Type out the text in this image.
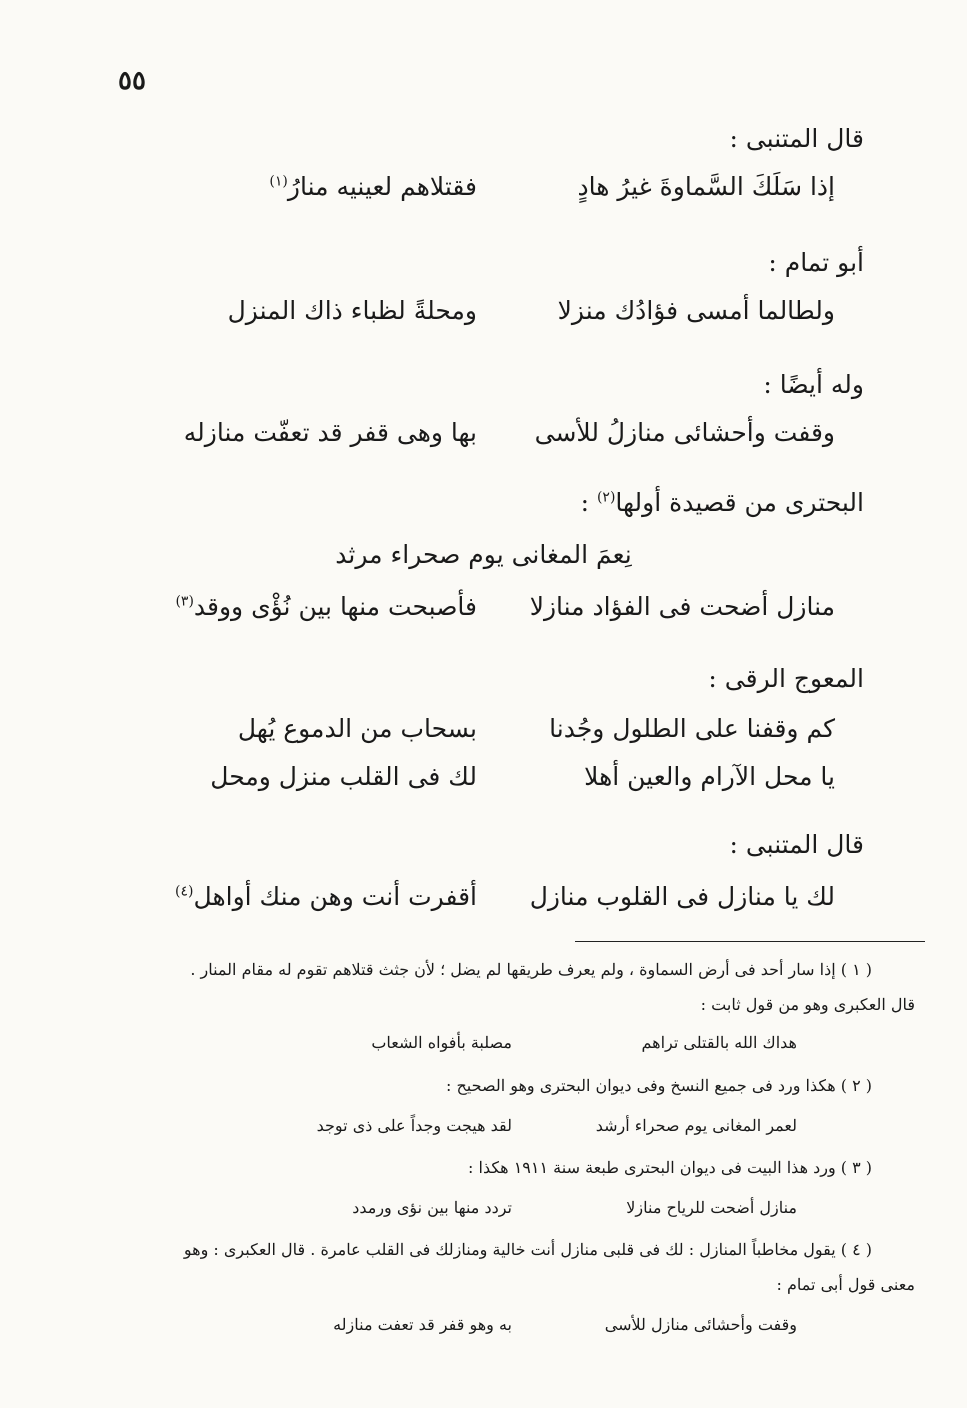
٥٥
قال المتنبى :
إذا سَلَكَ السَّماوةَ غيرُ هادٍ
فقتلاهم لعينيه منارُ$^{(١)}$
أبو تمام :
ولطالما أمسى فؤادُك منزلا
ومحلةً لظباء ذاك المنزل
وله أيضًا :
وقفت وأحشائى منازلُ للأسى
بها وهى قفر قد تعفّت منازله
البحترى من قصيدة أولها$^{(٢)}$ :
نِعمَ المغانى يوم صحراء مرثد
منازل أضحت فى الفؤاد منازلا
فأصبحت منها بين نُؤْى ووقد$^{(٣)}$
المعوج الرقى :
كم وقفنا على الطلول وجُدنا
بسحاب من الدموع يُهل
يا محل الآرام والعين أهلا
لك فى القلب منزل ومحل
قال المتنبى :
لك يا منازل فى القلوب منازل
أقفرت أنت وهن منك أواهل$^{(٤)}$
( ١ ) إذا سار أحد فى أرض السماوة ، ولم يعرف طريقها لم يضل ؛ لأن جثث قتلاهم تقوم له مقام المنار .
قال العكبرى وهو من قول ثابت :
هداك الله بالقتلى تراهم
مصلبة بأفواه الشعاب
( ٢ ) هكذا ورد فى جميع النسخ وفى ديوان البحترى وهو الصحيح :
لعمر المغانى يوم صحراء أرشد
لقد هيجت وجداً على ذى توجد
( ٣ ) ورد هذا البيت فى ديوان البحترى طبعة سنة ١٩١١ هكذا :
منازل أضحت للرياح منازلا
تردد منها بين نؤى ورمدد
( ٤ ) يقول مخاطباً المنازل : لك فى قلبى منازل أنت خالية ومنازلك فى القلب عامرة . قال العكبرى : وهو
معنى قول أبى تمام :
وقفت وأحشائى منازل للأسى
به وهو قفر قد تعفت منازله
